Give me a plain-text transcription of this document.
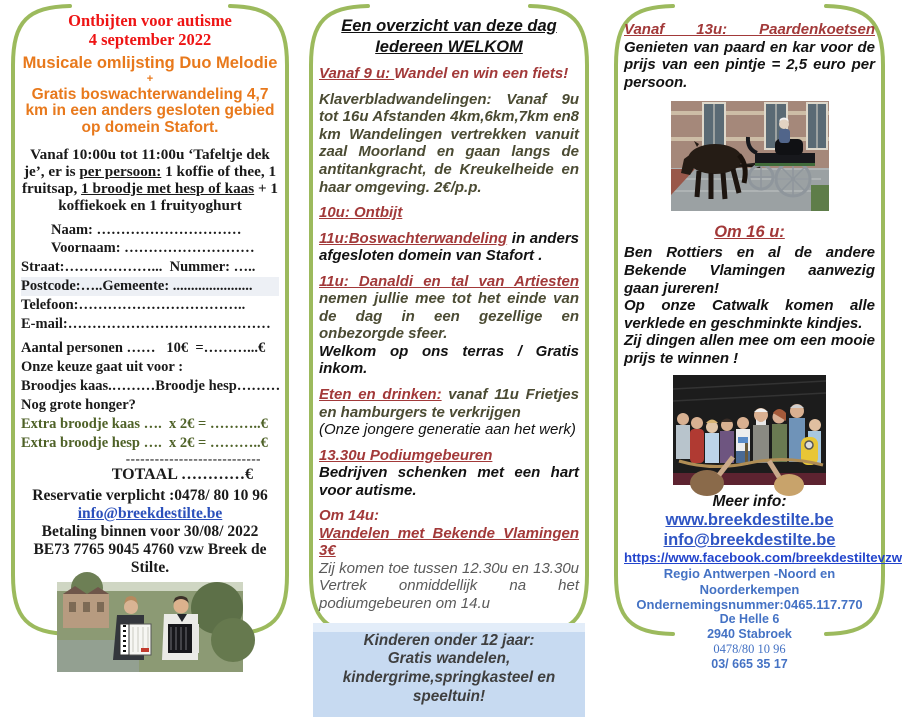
Ontbijten voor autisme
4 september 2022
Musicale omlijsting Duo Melodie
+
Gratis boswachterwandeling 4,7 km in een anders gesloten gebied op domein Stafort.
Vanaf 10:00u tot 11:00u ‘Tafeltje dek je’, er is per persoon: 1 koffie of thee, 1 fruitsap, 1 broodje met hesp of kaas + 1 koffiekoek en 1 fruityoghurt
Naam: …………………………
Voornaam: ………………………
Straat:………………...  Nummer: …..
Postcode:…..Gemeente: ......................
Telefoon:……………………………..
E-mail:……………………………………
Aantal personen ……   10€  =………...€
Onze keuze gaat uit voor :
Broodjes kaas.………Broodje hesp………
Nog grote honger?
Extra broodje kaas ….  x 2€ = ………..€
Extra broodje hesp ….  x 2€ = ………..€
----------------------------
TOTAAL …………€
Reservatie verplicht :0478/ 80 10 96
info@breekdestilte.be
Betaling binnen voor 30/08/ 2022
BE73 7765 9045 4760 vzw Breek de Stilte.
Een overzicht van deze dag
Iedereen WELKOM
Vanaf 9 u: Wandel en win een fiets!
Klaverbladwandelingen: Vanaf 9u tot 16u Afstanden 4km,6km,7km en8 km Wandelingen vertrekken vanuit zaal Moorland en gaan langs de antitankgracht, de Kreukelheide en haar omgeving. 2€/p.p.
10u: Ontbijt
11u:Boswachterwandeling in anders afgesloten domein van Stafort .
11u: Danaldi en tal van Artiesten
nemen jullie mee tot het einde van de dag in een gezellige en onbezorgde sfeer.
Welkom op ons terras / Gratis inkom.
Eten en drinken: vanaf 11u Frietjes en hamburgers te verkrijgen
(Onze jongere generatie aan het werk)
13.30u Podiumgebeuren
Bedrijven schenken met een hart voor autisme.
Om 14u:
Wandelen met Bekende Vlamingen 3€
Zij komen toe tussen 12.30u en 13.30u Vertrek onmiddellijk na het podiumgebeuren om 14.u
Kinderen onder 12 jaar:
Gratis wandelen,
kindergrime,springkasteel en speeltuin!
Vanaf 13u: Paardenkoetsen Genieten van paard en kar voor de prijs van een pintje = 2,5 euro per persoon.
Om 16 u:
Ben Rottiers en al de andere Bekende Vlamingen aanwezig gaan jureren!
Op onze Catwalk komen alle verklede en geschminkte kindjes.
Zij dingen allen mee om een mooie prijs te winnen !
Meer info:
www.breekdestilte.be
info@breekdestilte.be
https://www.facebook.com/breekdestiltevzw
Regio Antwerpen -Noord en Noorderkempen
Ondernemingsnummer:0465.117.770
De Helle 6
2940 Stabroek
0478/80 10 96
03/ 665 35 17
